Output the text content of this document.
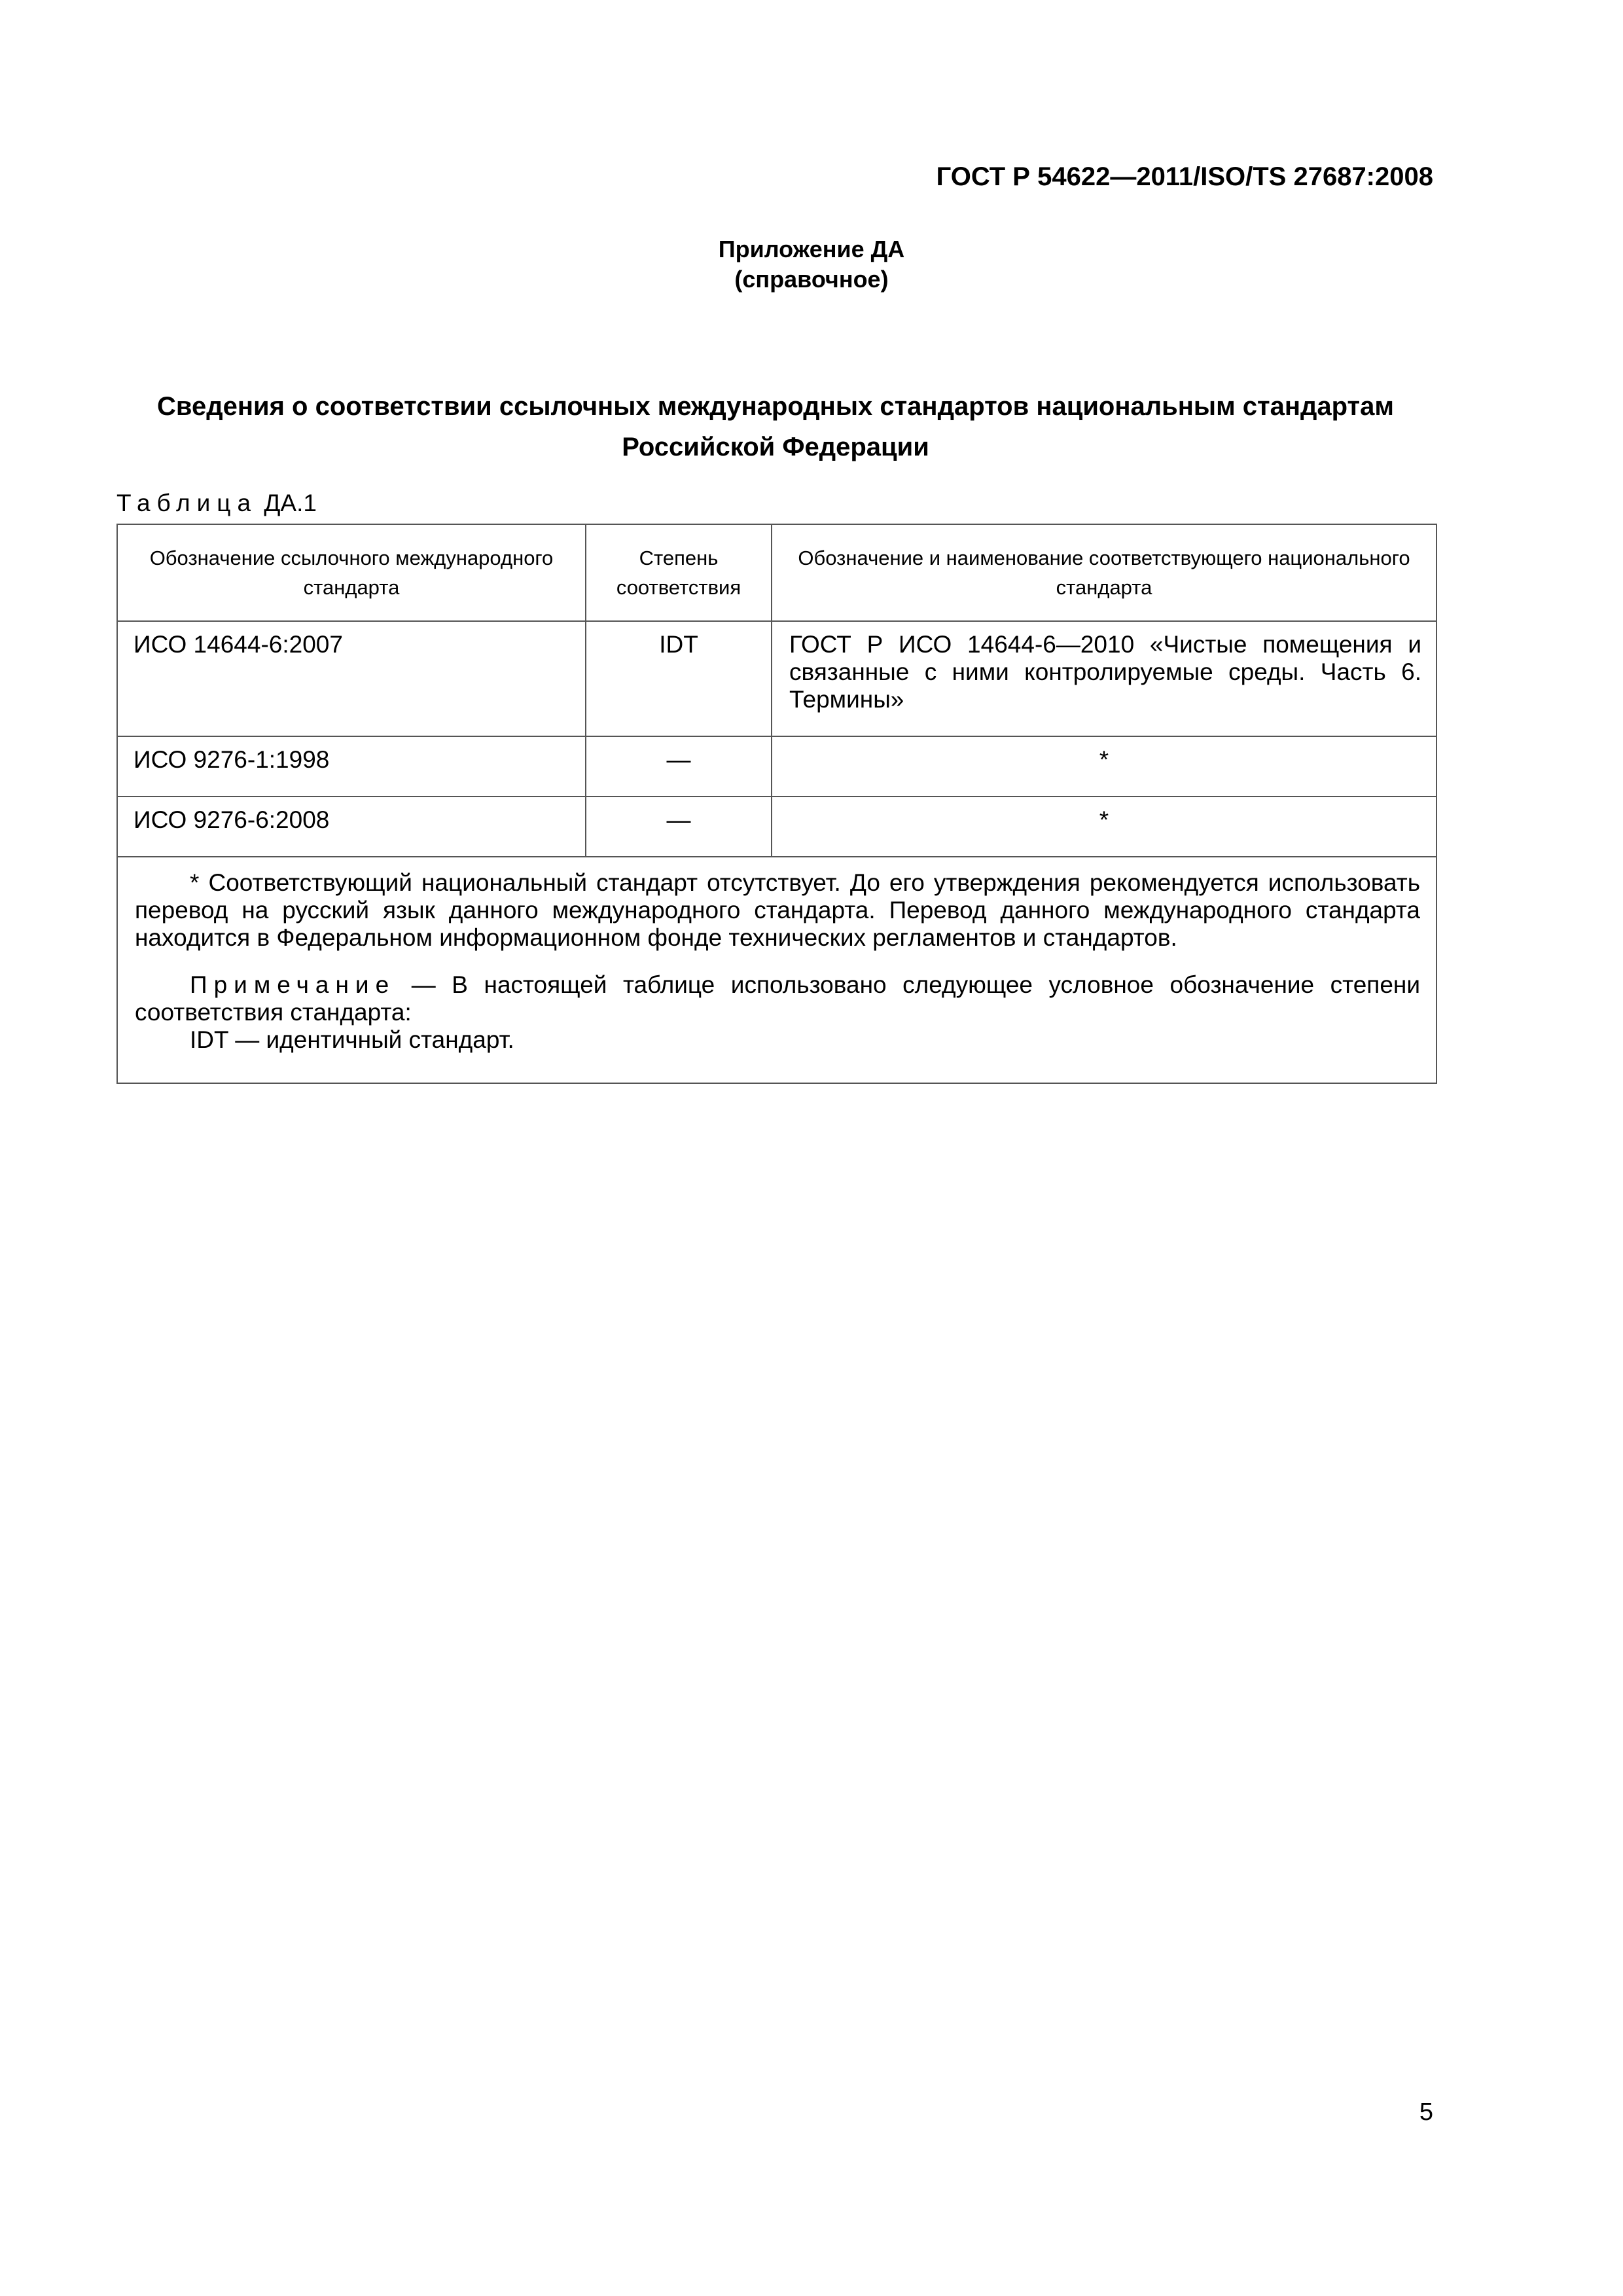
ГОСТ Р 54622—2011/ISO/TS 27687:2008
Приложение ДА
(справочное)
Сведения о соответствии ссылочных международных стандартов национальным стандартам
Российской Федерации
Таблица ДА.1
Обозначение ссылочного международного стандарта	Степень соответствия	Обозначение и наименование соответствующего национального стандарта
ИСО 14644-6:2007	IDT	ГОСТ Р ИСО 14644-6—2010 «Чистые помещения и связанные с ними контролируемые среды. Часть 6. Термины»
ИСО 9276-1:1998	—	*
ИСО 9276-6:2008	—	*

* Соответствующий национальный стандарт отсутствует. До его утверждения рекомендуется использовать перевод на русский язык данного международного стандарта. Перевод данного международного стандарта находится в Федеральном информационном фонде технических регламентов и стандартов.

Примечание — В настоящей таблице использовано следующее условное обозначение степени соответствия стандарта:

IDT — идентичный стандарт.		

5
